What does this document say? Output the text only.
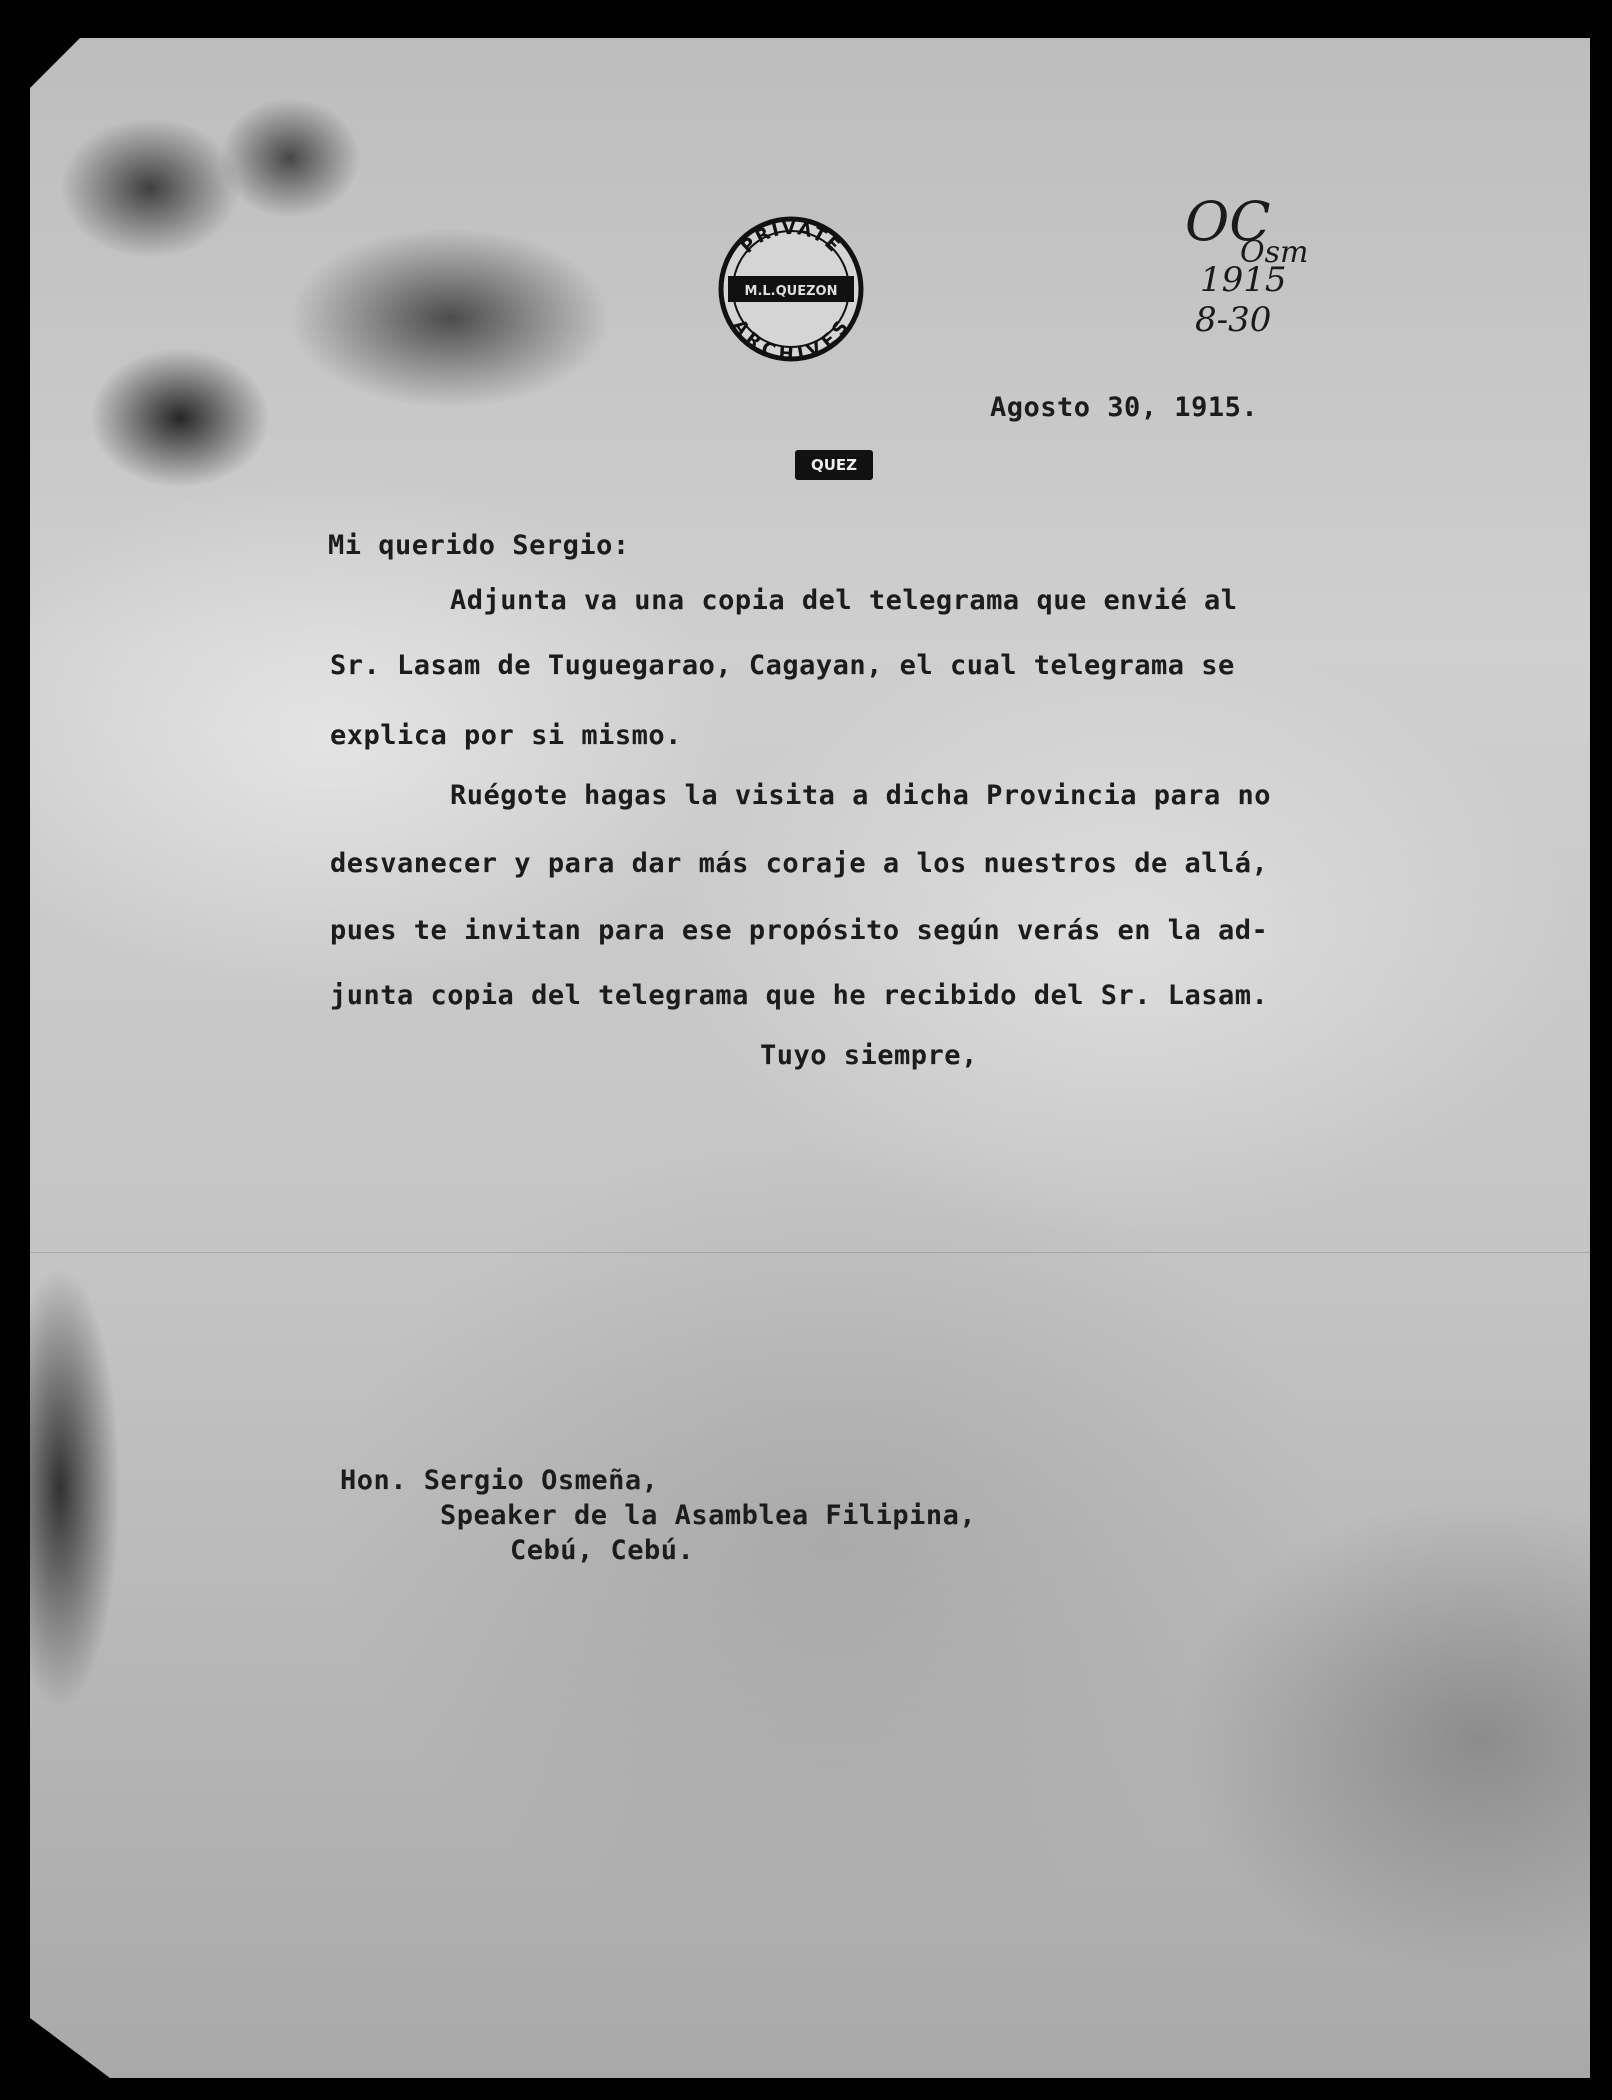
PRIVATE
M.L.QUEZON
ARCHIVES
QUEZ
OC
Osm
1915
8-30
Agosto 30, 1915.
Mi querido Sergio:
Adjunta va una copia del telegrama que envié al
Sr. Lasam de Tuguegarao, Cagayan, el cual telegrama se
explica por si mismo.
Ruégote hagas la visita a dicha Provincia para no
desvanecer y para dar más coraje a los nuestros de allá,
pues te invitan para ese propósito según verás en la ad-
junta copia del telegrama que he recibido del Sr. Lasam.
Tuyo siempre,
Hon. Sergio Osmeña,
Speaker de la Asamblea Filipina,
Cebú, Cebú.
